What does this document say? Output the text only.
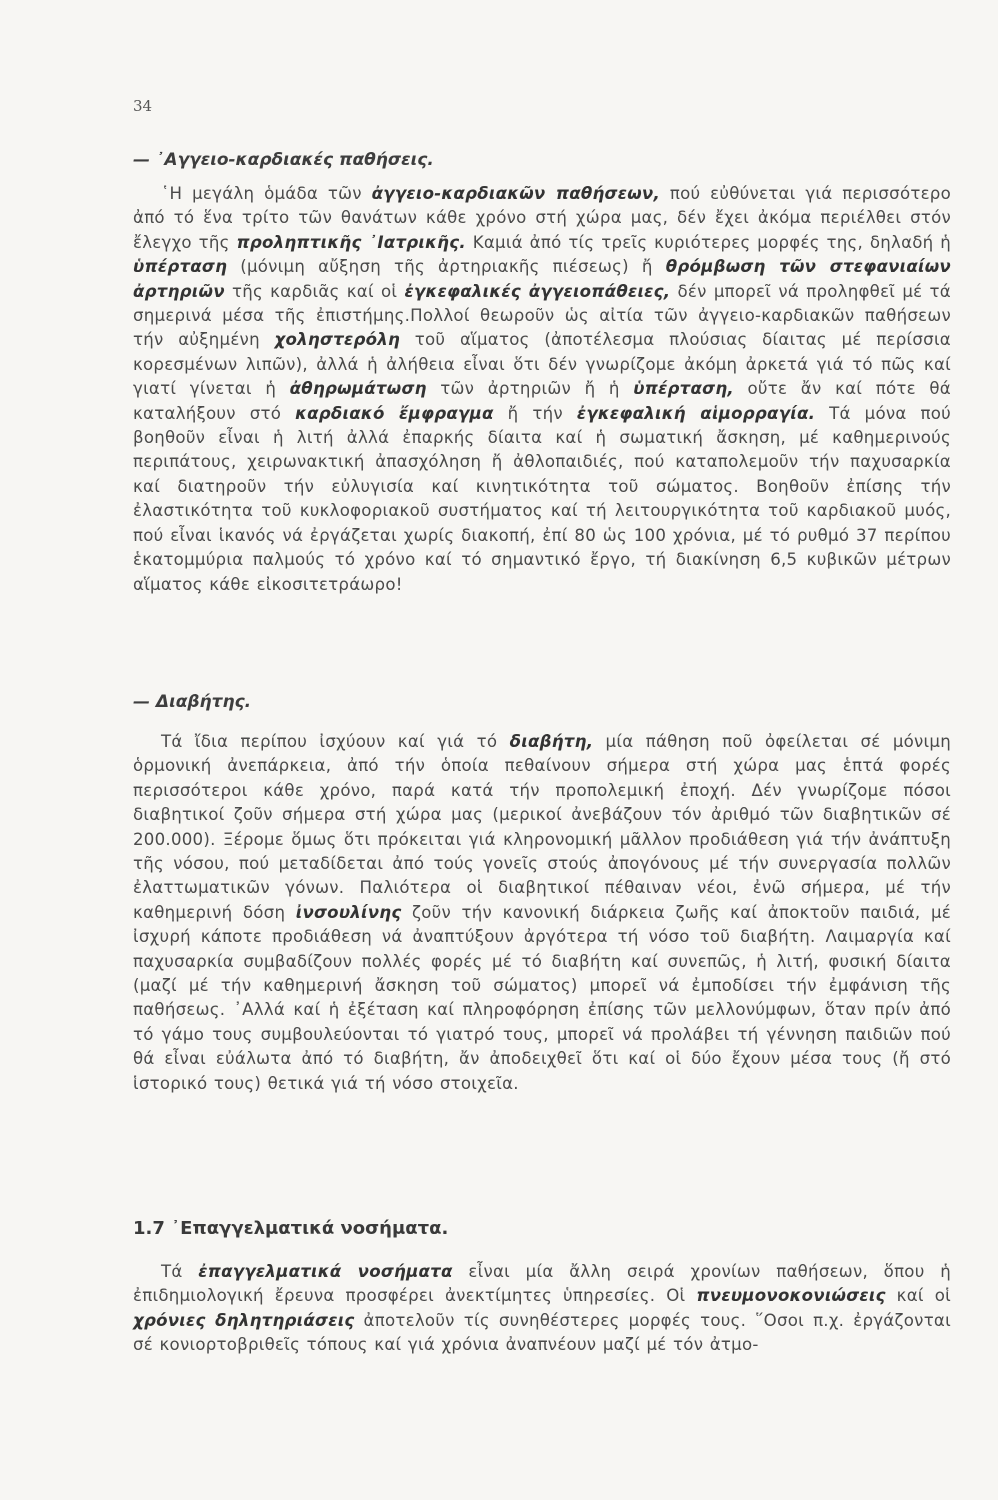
34
— ᾽Αγγειο-καρδιακές παθήσεις.

῾Η μεγάλη ὁμάδα τῶν ἀγγειο-καρδιακῶν παθήσεων, πού εὐθύνεται γιά περισσότερο ἀπό τό ἕνα τρίτο τῶν θανάτων κάθε χρόνο στή χώρα μας, δέν ἔχει ἀκόμα περιέλθει στόν ἔλεγχο τῆς προληπτικῆς ᾽Ιατρικῆς. Καμιά ἀπό τίς τρεῖς κυριότερες μορφές της, δηλαδή ἡ ὑπέρταση (μόνιμη αὔξηση τῆς ἀρτηριακῆς πιέσεως) ἤ θρόμβωση τῶν στεφανιαίων ἀρτηριῶν τῆς καρδιᾶς καί οἱ ἐγκεφαλικές ἀγγειοπάθειες, δέν μπορεῖ νά προληφθεῖ μέ τά σημερινά μέσα τῆς ἐπιστήμης.Πολλοί θεωροῦν ὡς αἰτία τῶν ἀγγειο-καρδιακῶν παθήσεων τήν αὐξημένη χοληστερόλη τοῦ αἵματος (ἀποτέλεσμα πλούσιας δίαιτας μέ περίσσια κορεσμένων λιπῶν), ἀλλά ἡ ἀλήθεια εἶναι ὅτι δέν γνωρίζομε ἀκόμη ἀρκετά γιά τό πῶς καί γιατί γίνεται ἡ ἀθηρωμάτωση τῶν ἀρτηριῶν ἤ ἡ ὑπέρταση, οὔτε ἄν καί πότε θά καταλήξουν στό καρδιακό ἔμφραγμα ἤ τήν ἐγκεφαλική αἱμορραγία. Τά μόνα πού βοηθοῦν εἶναι ἡ λιτή ἀλλά ἐπαρκής δίαιτα καί ἡ σωματική ἄσκηση, μέ καθημερινούς περιπάτους, χειρωνακτική ἀπασχόληση ἤ ἀθλοπαιδιές, πού καταπολεμοῦν τήν παχυσαρκία καί διατηροῦν τήν εὐλυγισία καί κινητικότητα τοῦ σώματος. Βοηθοῦν ἐπίσης τήν ἐλαστικότητα τοῦ κυκλοφοριακοῦ συστήματος καί τή λειτουργικότητα τοῦ καρδιακοῦ μυός, πού εἶναι ἱκανός νά ἐργάζεται χωρίς διακοπή, ἐπί 80 ὡς 100 χρόνια, μέ τό ρυθμό 37 περίπου ἑκατομμύρια παλμούς τό χρόνο καί τό σημαντικό ἔργο, τή διακίνηση 6,5 κυβικῶν μέτρων αἵματος κάθε εἰκοσιτετράωρο!

— Διαβήτης.

Τά ἴδια περίπου ἰσχύουν καί γιά τό διαβήτη, μία πάθηση ποῦ ὀφείλεται σέ μόνιμη ὁρμονική ἀνεπάρκεια, ἀπό τήν ὁποία πεθαίνουν σήμερα στή χώρα μας ἑπτά φορές περισσότεροι κάθε χρόνο, παρά κατά τήν προπολεμική ἐποχή. Δέν γνωρίζομε πόσοι διαβητικοί ζοῦν σήμερα στή χώρα μας (μερικοί ἀνεβάζουν τόν ἀριθμό τῶν διαβητικῶν σέ 200.000). Ξέρομε ὅμως ὅτι πρόκειται γιά κληρονομική μᾶλλον προδιάθεση γιά τήν ἀνάπτυξη τῆς νόσου, πού μεταδίδεται ἀπό τούς γονεῖς στούς ἀπογόνους μέ τήν συνεργασία πολλῶν ἐλαττωματικῶν γόνων. Παλιότερα οἱ διαβητικοί πέθαιναν νέοι, ἐνῶ σήμερα, μέ τήν καθημερινή δόση ἰνσουλίνης ζοῦν τήν κανονική διάρκεια ζωῆς καί ἀποκτοῦν παιδιά, μέ ἰσχυρή κάποτε προδιάθεση νά ἀναπτύξουν ἀργότερα τή νόσο τοῦ διαβήτη. Λαιμαργία καί παχυσαρκία συμβαδίζουν πολλές φορές μέ τό διαβήτη καί συνεπῶς, ἡ λιτή, φυσική δίαιτα (μαζί μέ τήν καθημερινή ἄσκηση τοῦ σώματος) μπορεῖ νά ἐμποδίσει τήν ἐμφάνιση τῆς παθήσεως. ᾽Αλλά καί ἡ ἐξέταση καί πληροφόρηση ἐπίσης τῶν μελλονύμφων, ὅταν πρίν ἀπό τό γάμο τους συμβουλεύονται τό γιατρό τους, μπορεῖ νά προλάβει τή γέννηση παιδιῶν πού θά εἶναι εὐάλωτα ἀπό τό διαβήτη, ἄν ἀποδειχθεῖ ὅτι καί οἱ δύο ἔχουν μέσα τους (ἤ στό ἱστορικό τους) θετικά γιά τή νόσο στοιχεῖα.

1.7 ᾽Επαγγελματικά νοσήματα.

Τά ἐπαγγελματικά νοσήματα εἶναι μία ἄλλη σειρά χρονίων παθήσεων, ὅπου ἡ ἐπιδημιολογική ἔρευνα προσφέρει ἀνεκτίμητες ὑπηρεσίες. Οἱ πνευμονοκονιώσεις καί οἱ χρόνιες δηλητηριάσεις ἀποτελοῦν τίς συνηθέστερες μορφές τους. ῞Οσοι π.χ. ἐργάζονται σέ κονιορτοβριθεῖς τόπους καί γιά χρόνια ἀναπνέουν μαζί μέ τόν ἀτμο-
